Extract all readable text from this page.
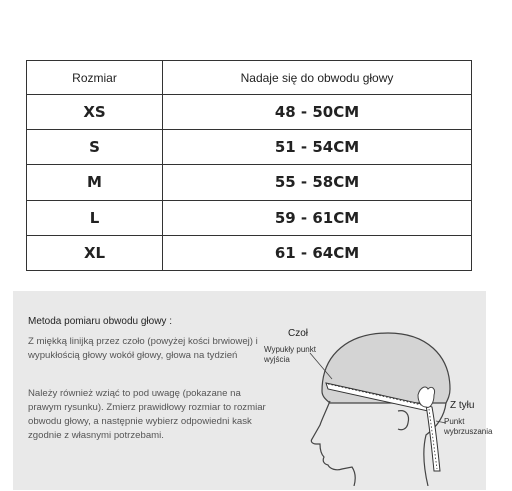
Rozmiar	Nadaje się do obwodu głowy
XS	48 - 50CM
S	51 - 54CM
M	55 - 58CM
L	59 - 61CM
XL	61 - 64CM
Metoda pomiaru obwodu głowy :
Z miękką linijką przez czoło (powyżej kości brwiowej) i wypukłością głowy wokół głowy, głowa na tydzień
Należy również wziąć to pod uwagę (pokazane na prawym rysunku). Zmierz prawidłowy rozmiar to rozmiar obwodu głowy, a następnie wybierz odpowiedni kask zgodnie z własnymi potrzebami.
Czoł
Wypukły punkt wyjścia
Z tyłu
Punkt wybrzuszania
